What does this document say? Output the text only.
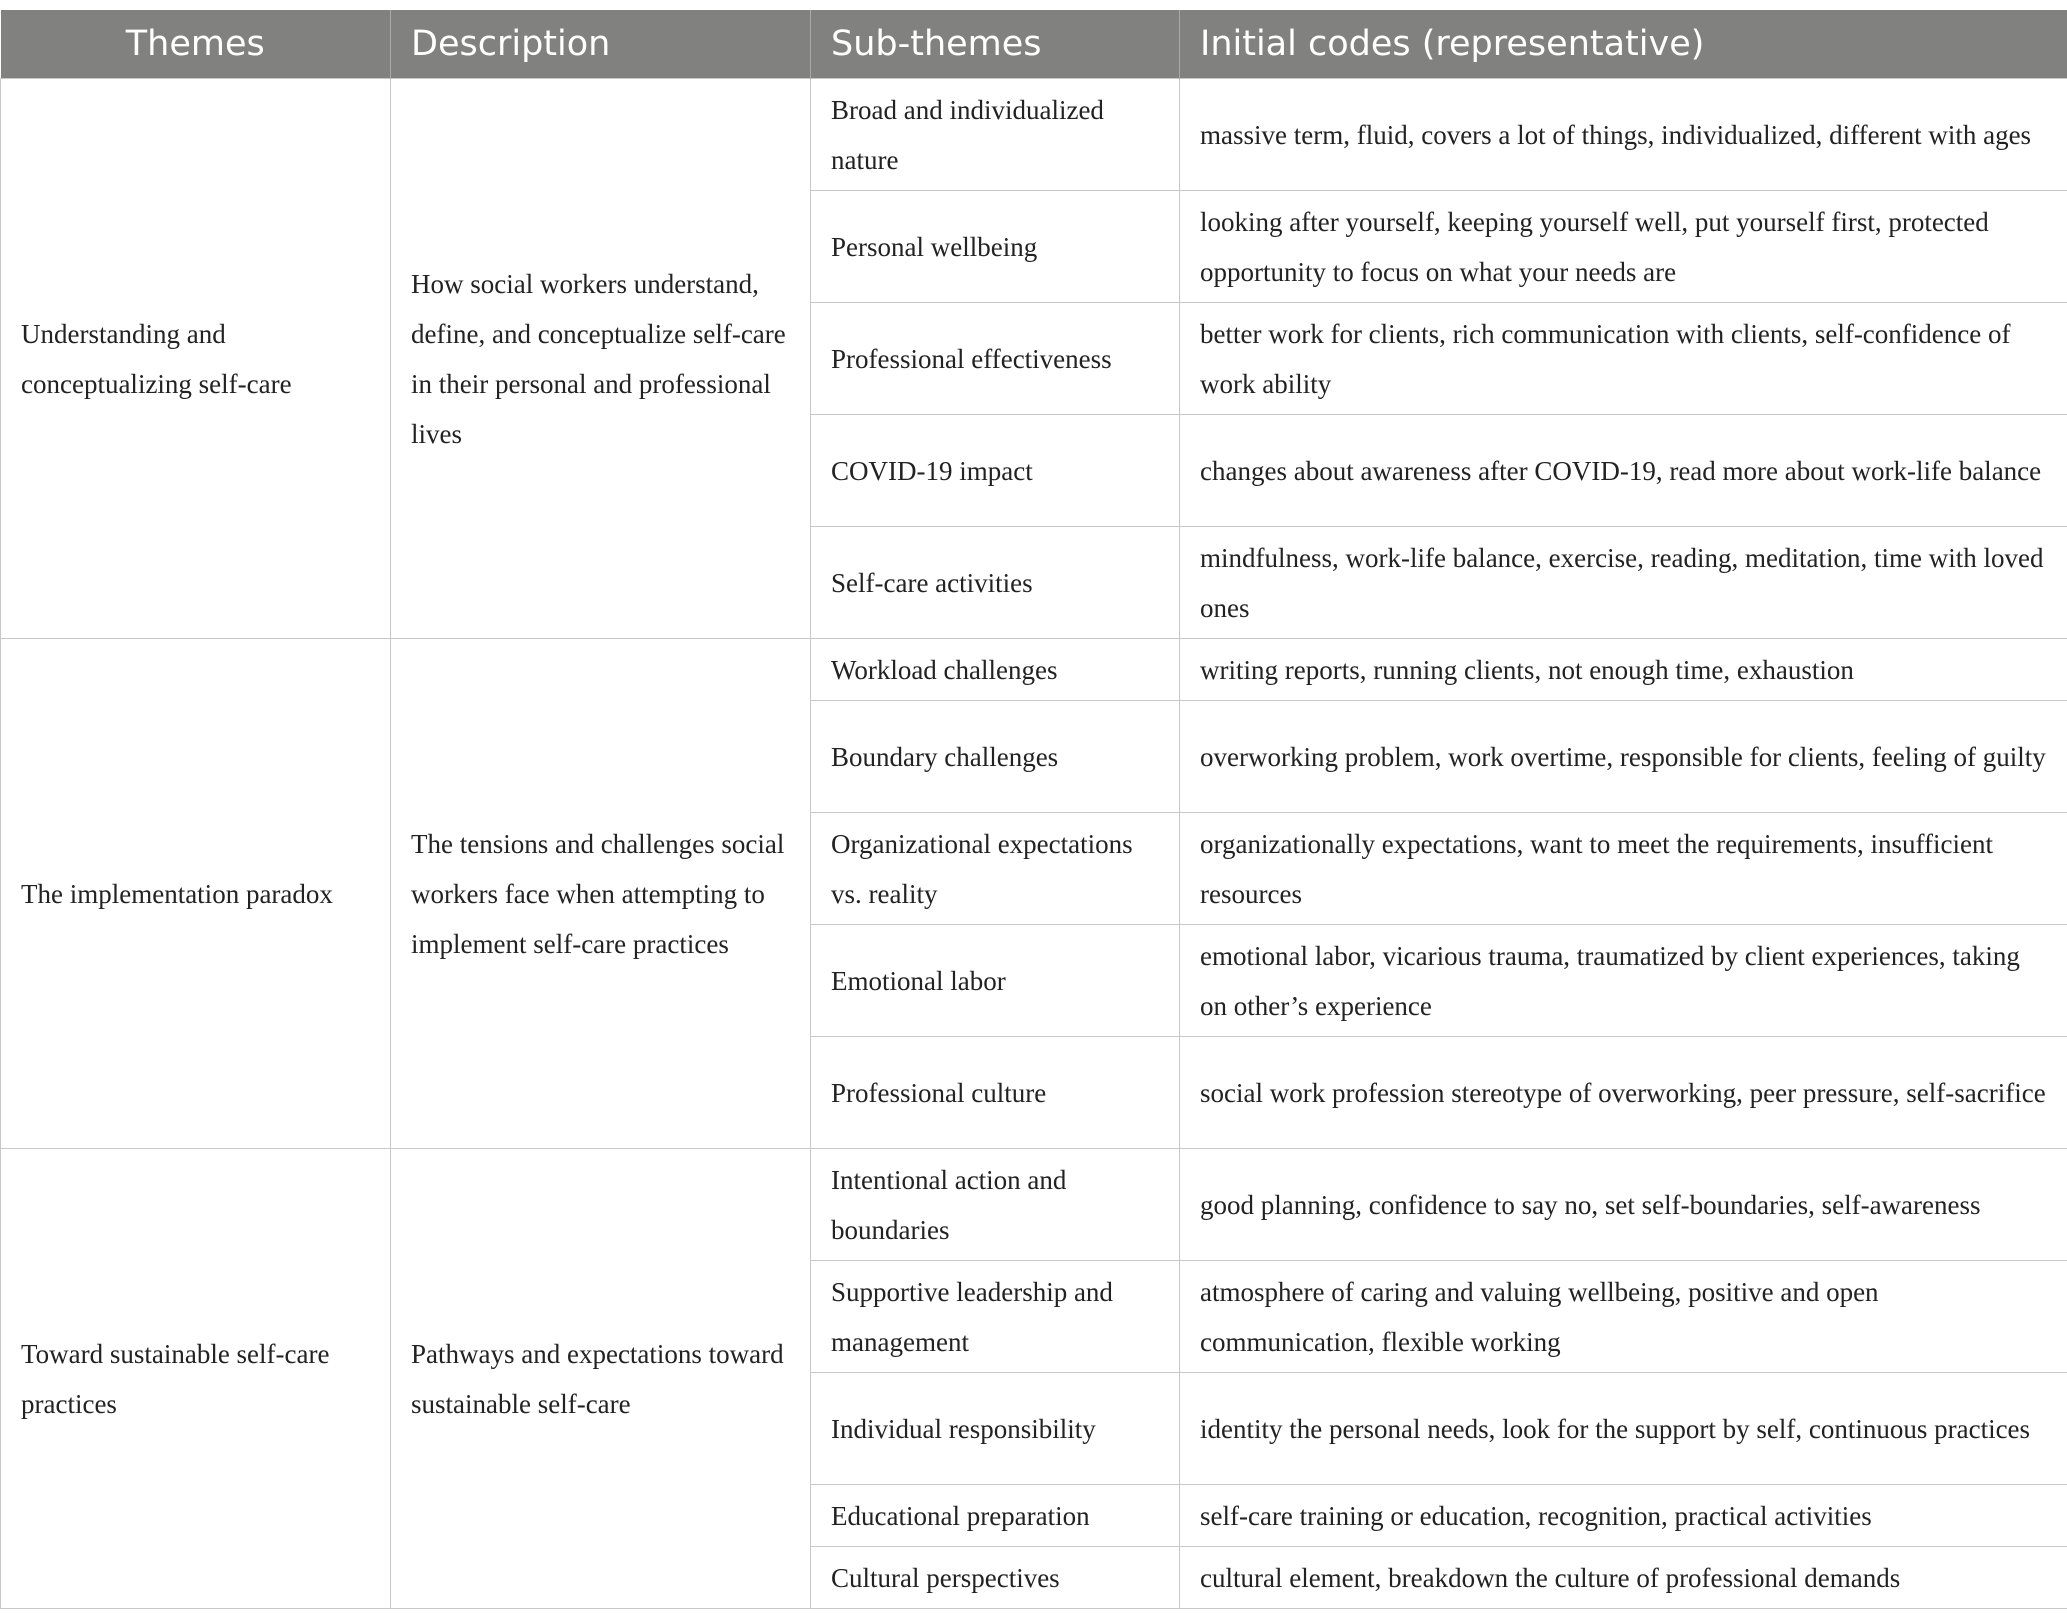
Themes	Description	Sub-themes	Initial codes (representative)
Understanding and conceptualizing self-care	How social workers understand, define, and conceptualize self-care in their personal and professional lives	Broad and individualized nature	massive term, fluid, covers a lot of things, individualized, different with ages
		Personal wellbeing	looking after yourself, keeping yourself well, put yourself first, protected opportunity to focus on what your needs are
		Professional effectiveness	better work for clients, rich communication with clients, self-confidence of work ability
		COVID-19 impact	changes about awareness after COVID-19, read more about work-life balance
		Self-care activities	mindfulness, work-life balance, exercise, reading, meditation, time with loved ones
The implementation paradox	The tensions and challenges social workers face when attempting to implement self-care practices	Workload challenges	writing reports, running clients, not enough time, exhaustion
		Boundary challenges	overworking problem, work overtime, responsible for clients, feeling of guilty
		Organizational expectations vs. reality	organizationally expectations, want to meet the requirements, insufficient resources
		Emotional labor	emotional labor, vicarious trauma, traumatized by client experiences, taking on other’s experience
		Professional culture	social work profession stereotype of overworking, peer pressure, self-sacrifice
Toward sustainable self-care practices	Pathways and expectations toward sustainable self-care	Intentional action and boundaries	good planning, confidence to say no, set self-boundaries, self-awareness
		Supportive leadership and management	atmosphere of caring and valuing wellbeing, positive and open communication, flexible working
		Individual responsibility	identity the personal needs, look for the support by self, continuous practices
		Educational preparation	self-care training or education, recognition, practical activities
		Cultural perspectives	cultural element, breakdown the culture of professional demands
